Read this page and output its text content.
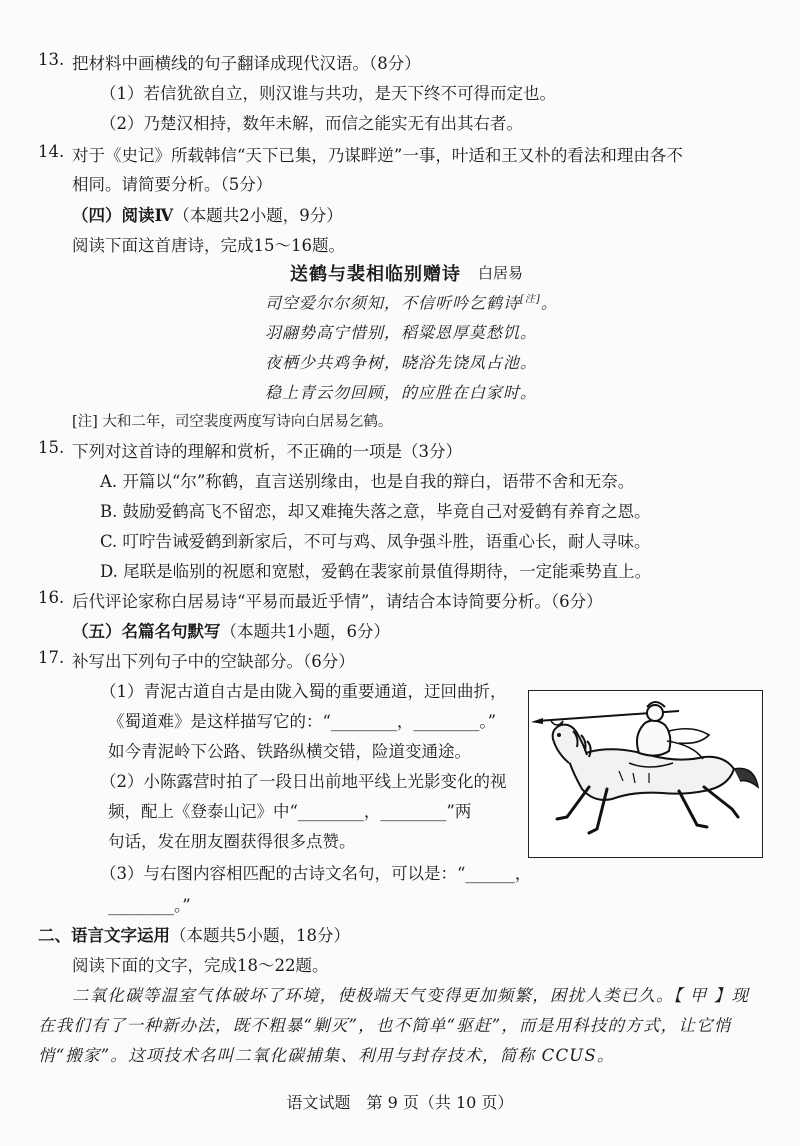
13. 把材料中画横线的句子翻译成现代汉语。（8分）
（1）若信犹欲自立，则汉谁与共功，是天下终不可得而定也。
（2）乃楚汉相持，数年未解，而信之能实无有出其右者。
14. 对于《史记》所载韩信“天下已集，乃谋畔逆”一事，叶适和王又朴的看法和理由各不
相同。请简要分析。（5分）
（四）阅读Ⅳ（本题共2小题，9分）
阅读下面这首唐诗，完成15～16题。
送鹤与裴相临别赠诗 白居易
司空爱尔尔须知，不信听吟乞鹤诗[注]。
羽翮势高宁惜别，稻粱恩厚莫愁饥。
夜栖少共鸡争树，晓浴先饶凤占池。
稳上青云勿回顾，的应胜在白家时。
[注] 大和二年，司空裴度两度写诗向白居易乞鹤。
15. 下列对这首诗的理解和赏析，不正确的一项是（3分）
A. 开篇以“尔”称鹤，直言送别缘由，也是自我的辩白，语带不舍和无奈。
B. 鼓励爱鹤高飞不留恋，却又难掩失落之意，毕竟自己对爱鹤有养育之恩。
C. 叮咛告诫爱鹤到新家后，不可与鸡、凤争强斗胜，语重心长，耐人寻味。
D. 尾联是临别的祝愿和宽慰，爱鹤在裴家前景值得期待，一定能乘势直上。
16. 后代评论家称白居易诗“平易而最近乎情”，请结合本诗简要分析。（6分）
（五）名篇名句默写（本题共1小题，6分）
17. 补写出下列句子中的空缺部分。（6分）
（1）青泥古道自古是由陇入蜀的重要通道，迂回曲折，
《蜀道难》是这样描写它的：“________，________。”
如今青泥岭下公路、铁路纵横交错，险道变通途。
（2）小陈露营时拍了一段日出前地平线上光影变化的视
频，配上《登泰山记》中“________，________”两
句话，发在朋友圈获得很多点赞。
（3）与右图内容相匹配的古诗文名句，可以是：“______，
________。”
二、语言文字运用（本题共5小题，18分）
阅读下面的文字，完成18～22题。
二氧化碳等温室气体破坏了环境，使极端天气变得更加频繁，困扰人类已久。【 甲 】现
在我们有了一种新办法，既不粗暴“剿灭”，也不简单“驱赶”，而是用科技的方式，让它悄
悄“搬家”。这项技术名叫二氧化碳捕集、利用与封存技术，简称 CCUS。
语文试题　第 9 页（共 10 页）
